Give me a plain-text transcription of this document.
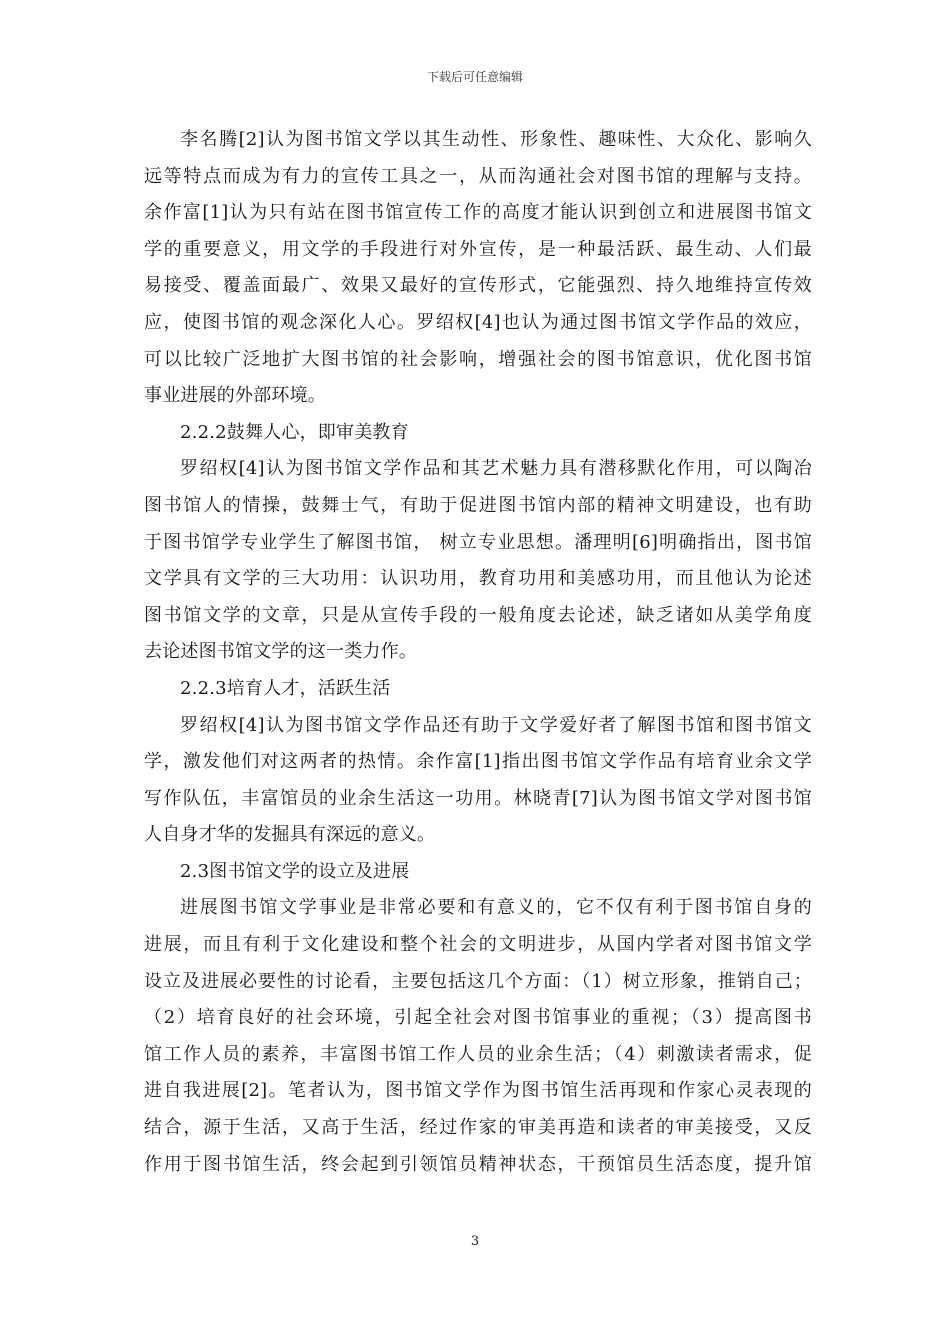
下载后可任意编辑
李名腾[2]认为图书馆文学以其生动性、形象性、趣味性、大众化、影响久
远等特点而成为有力的宣传工具之一，从而沟通社会对图书馆的理解与支持。
余作富[1]认为只有站在图书馆宣传工作的高度才能认识到创立和进展图书馆文
学的重要意义，用文学的手段进行对外宣传，是一种最活跃、最生动、人们最
易接受、覆盖面最广、效果又最好的宣传形式，它能强烈、持久地维持宣传效
应，使图书馆的观念深化人心。罗绍权[4]也认为通过图书馆文学作品的效应，
可以比较广泛地扩大图书馆的社会影响，增强社会的图书馆意识，优化图书馆
事业进展的外部环境。
2.2.2鼓舞人心，即审美教育
罗绍权[4]认为图书馆文学作品和其艺术魅力具有潜移默化作用，可以陶冶
图书馆人的情操，鼓舞士气，有助于促进图书馆内部的精神文明建设，也有助
于图书馆学专业学生了解图书馆， 树立专业思想。潘理明[6]明确指出，图书馆
文学具有文学的三大功用：认识功用，教育功用和美感功用，而且他认为论述
图书馆文学的文章，只是从宣传手段的一般角度去论述，缺乏诸如从美学角度
去论述图书馆文学的这一类力作。
2.2.3培育人才，活跃生活
罗绍权[4]认为图书馆文学作品还有助于文学爱好者了解图书馆和图书馆文
学，激发他们对这两者的热情。余作富[1]指出图书馆文学作品有培育业余文学
写作队伍，丰富馆员的业余生活这一功用。林晓青[7]认为图书馆文学对图书馆
人自身才华的发掘具有深远的意义。
2.3图书馆文学的设立及进展
进展图书馆文学事业是非常必要和有意义的，它不仅有利于图书馆自身的
进展，而且有利于文化建设和整个社会的文明进步，从国内学者对图书馆文学
设立及进展必要性的讨论看，主要包括这几个方面：（1）树立形象，推销自己；
（2）培育良好的社会环境，引起全社会对图书馆事业的重视；（3）提高图书
馆工作人员的素养，丰富图书馆工作人员的业余生活；（4）刺激读者需求，促
进自我进展[2]。笔者认为，图书馆文学作为图书馆生活再现和作家心灵表现的
结合，源于生活，又高于生活，经过作家的审美再造和读者的审美接受，又反
作用于图书馆生活，终会起到引领馆员精神状态，干预馆员生活态度，提升馆
3
